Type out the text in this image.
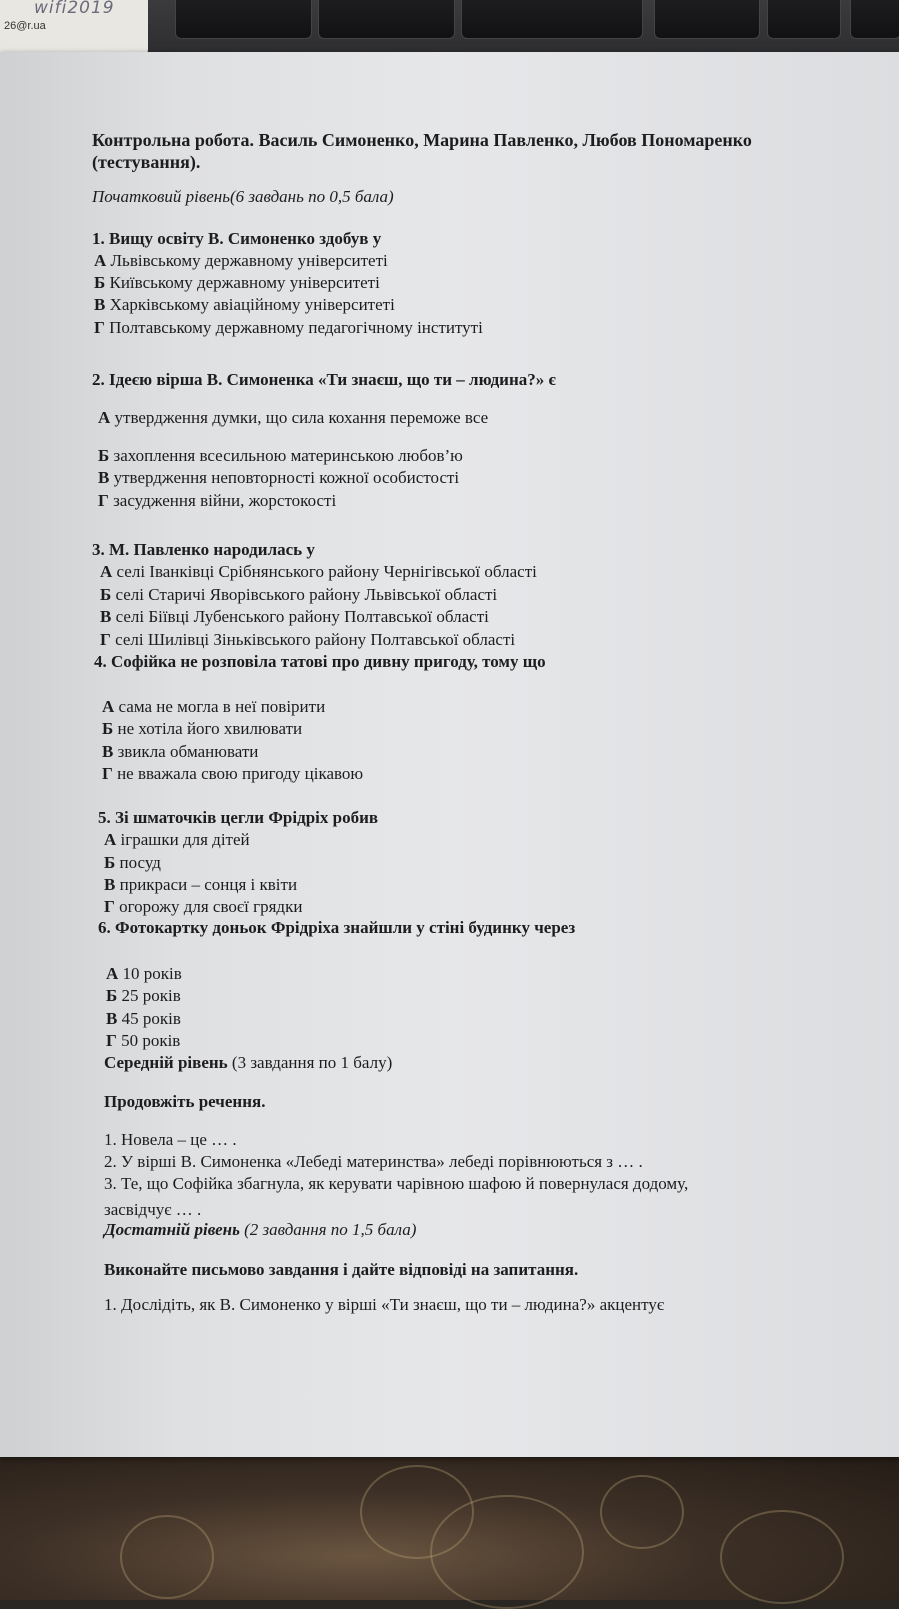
wifi2019
26@r.ua
Контрольна робота. Василь Симоненко, Марина Павленко, Любов Пономаренко
(тестування).
Початковий рівень(6 завдань по 0,5 бала)
1. Вищу освіту В. Симоненко здобув у
А Львівському державному університеті
Б Київському державному університеті
В Харківському авіаційному університеті
Г Полтавському державному педагогічному інституті
2. Ідеєю вірша В. Симоненка «Ти знаєш, що ти – людина?» є
А утвердження думки, що сила кохання переможе все
Б захоплення всесильною материнською любов’ю
В утвердження неповторності кожної особистості
Г засудження війни, жорстокості
3. М. Павленко народилась у
А селі Іванківці Срібнянського району Чернігівської області
Б селі Старичі Яворівського району Львівської області
В селі Біївці Лубенського району Полтавської області
Г селі Шилівці Зіньківського району Полтавської області
4. Софійка не розповіла татові про дивну пригоду, тому що
А сама не могла в неї повірити
Б не хотіла його хвилювати
В звикла обманювати
Г не вважала свою пригоду цікавою
5. Зі шматочків цегли Фрідріх робив
А іграшки для дітей
Б посуд
В прикраси – сонця і квіти
Г огорожу для своєї грядки
6. Фотокартку доньок Фрідріха знайшли у стіні будинку через
А 10 років
Б 25 років
В 45 років
Г 50 років
Середній рівень (3 завдання по 1 балу)
Продовжіть речення.
1. Новела – це … .
2. У вірші В. Симоненка «Лебеді материнства» лебеді порівнюються з … .
3. Те, що Софійка збагнула, як керувати чарівною шафою й повернулася додому,
засвідчує … .
Достатній рівень (2 завдання по 1,5 бала)
Виконайте письмово завдання і дайте відповіді на запитання.
1. Дослідіть, як В. Симоненко у вірші «Ти знаєш, що ти – людина?» акцентує
